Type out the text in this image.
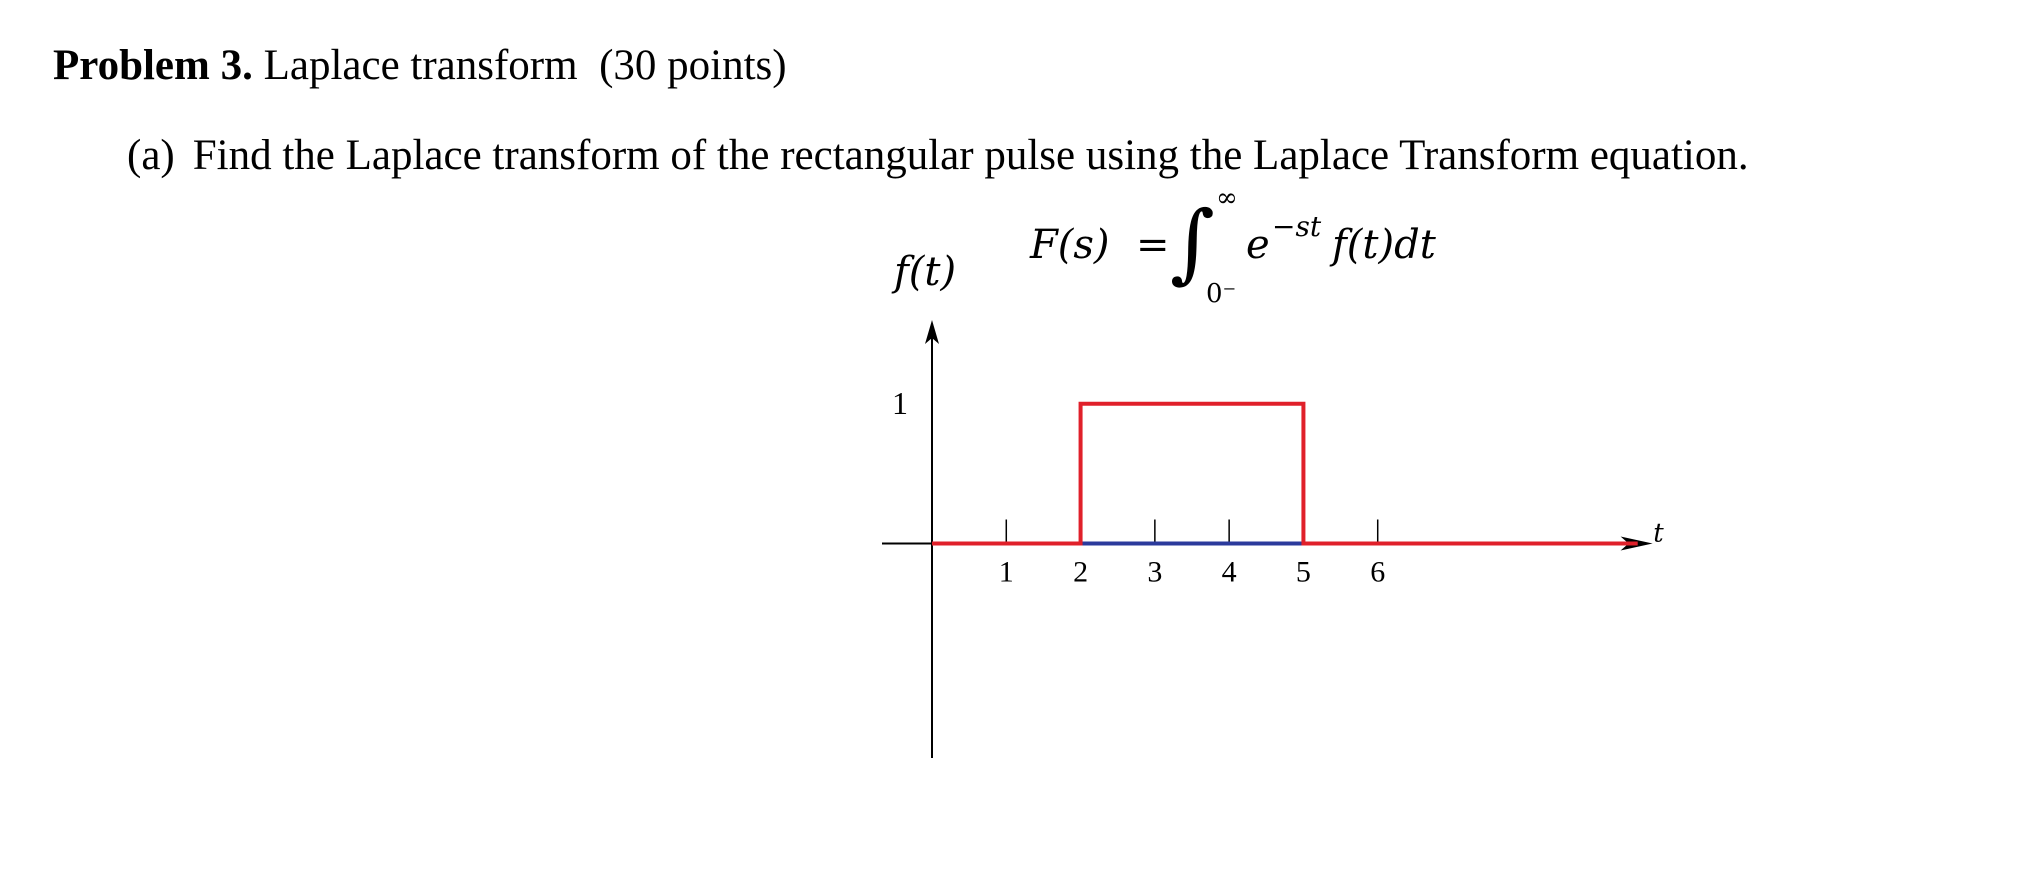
Problem 3. Laplace transform (30 points)
(a) Find the Laplace transform of the rectangular pulse using the Laplace Transform equation.
F(s) = ∫ ∞
0⁻
e −st f(t)dt
1 2 3 4 5 6
1
f(t)
t
